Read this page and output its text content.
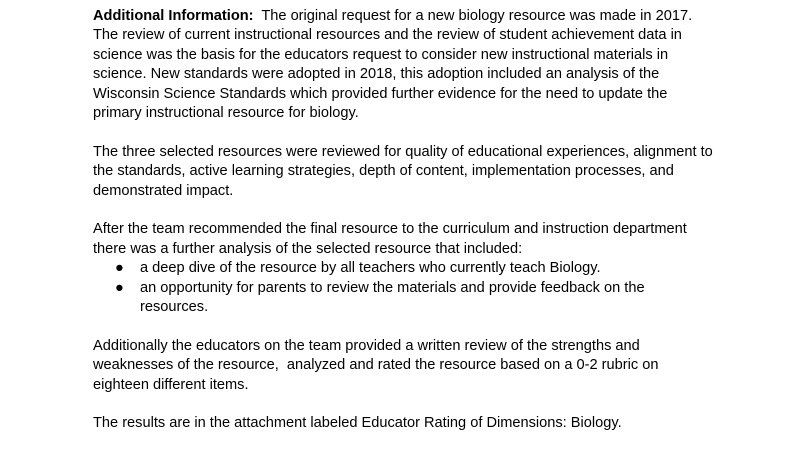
Additional Information:  The original request for a new biology resource was made in 2017.
The review of current instructional resources and the review of student achievement data in
science was the basis for the educators request to consider new instructional materials in
science. New standards were adopted in 2018, this adoption included an analysis of the
Wisconsin Science Standards which provided further evidence for the need to update the
primary instructional resource for biology.

The three selected resources were reviewed for quality of educational experiences, alignment to
the standards, active learning strategies, depth of content, implementation processes, and
demonstrated impact.

After the team recommended the final resource to the curriculum and instruction department
there was a further analysis of the selected resource that included:
● a deep dive of the resource by all teachers who currently teach Biology.
● an opportunity for parents to review the materials and provide feedback on the
resources.

Additionally the educators on the team provided a written review of the strengths and
weaknesses of the resource,  analyzed and rated the resource based on a 0-2 rubric on
eighteen different items.

The results are in the attachment labeled Educator Rating of Dimensions: Biology.
